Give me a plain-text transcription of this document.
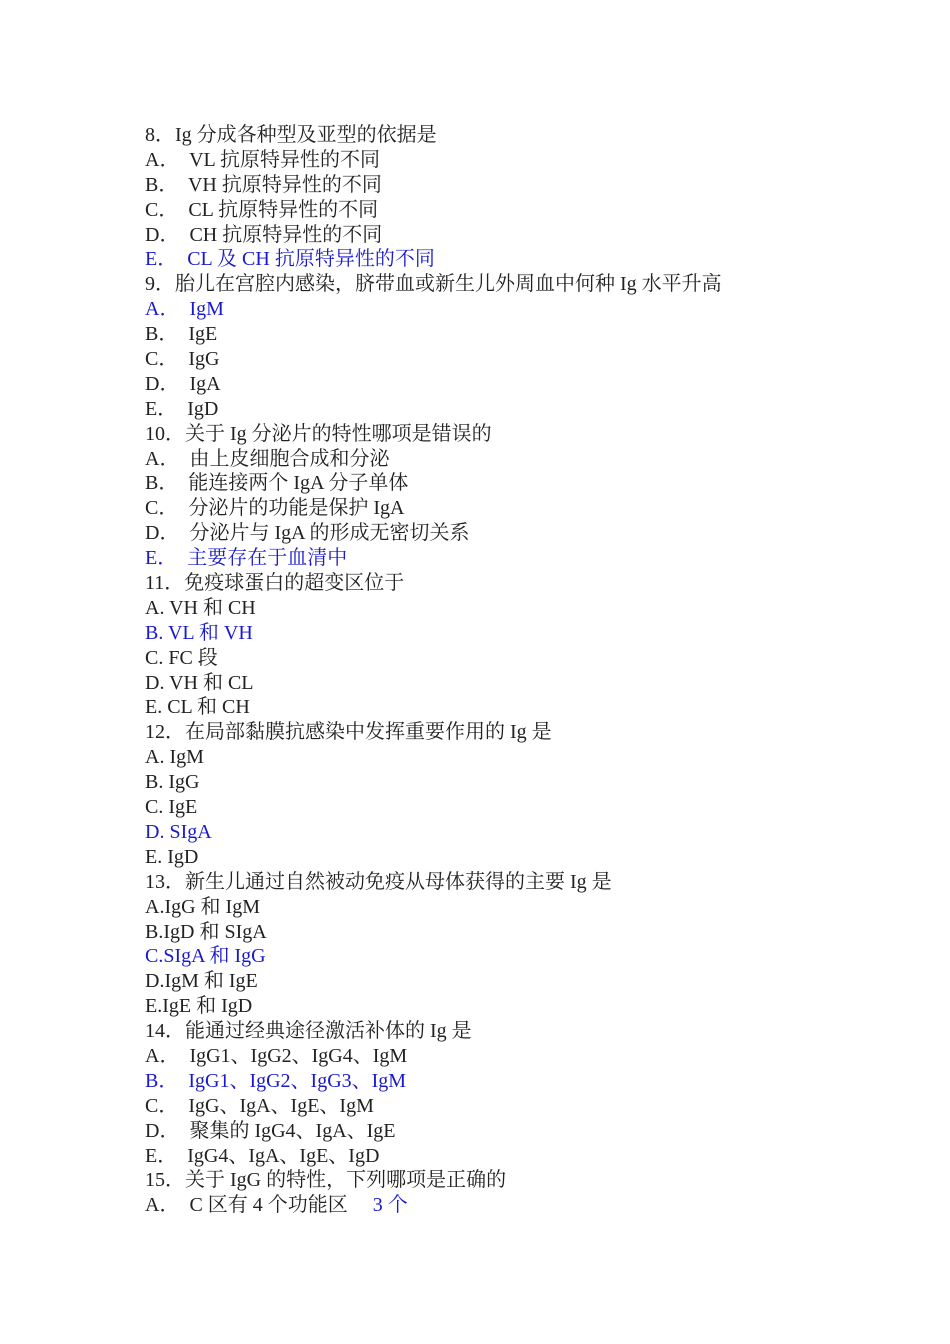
8．Ig 分成各种型及亚型的依据是
A．  VL 抗原特异性的不同
B．  VH 抗原特异性的不同
C．  CL 抗原特异性的不同
D．  CH 抗原特异性的不同
E．  CL 及 CH 抗原特异性的不同
9．胎儿在宫腔内感染，脐带血或新生儿外周血中何种 Ig 水平升高
A．  IgM
B．  IgE
C．  IgG
D．  IgA
E．  IgD
10．关于 Ig 分泌片的特性哪项是错误的
A．  由上皮细胞合成和分泌
B．  能连接两个 IgA 分子单体
C．  分泌片的功能是保护 IgA
D．  分泌片与 IgA 的形成无密切关系
E．  主要存在于血清中
11．免疫球蛋白的超变区位于
A. VH 和 CH
B. VL 和 VH
C. FC 段
D. VH 和 CL
E. CL 和 CH
12．在局部黏膜抗感染中发挥重要作用的 Ig 是
A. IgM
B. IgG
C. IgE
D. SIgA
E. IgD
13．新生儿通过自然被动免疫从母体获得的主要 Ig 是
A.IgG 和 IgM
B.IgD 和 SIgA
C.SIgA 和 IgG
D.IgM 和 IgE
E.IgE 和 IgD
14．能通过经典途径激活补体的 Ig 是
A．  IgG1、IgG2、IgG4、IgM
B．  IgG1、IgG2、IgG3、IgM
C．  IgG、IgA、IgE、IgM
D．  聚集的 IgG4、IgA、IgE
E．  IgG4、IgA、IgE、IgD
15．关于 IgG 的特性，下列哪项是正确的
A．  C 区有 4 个功能区 3 个
